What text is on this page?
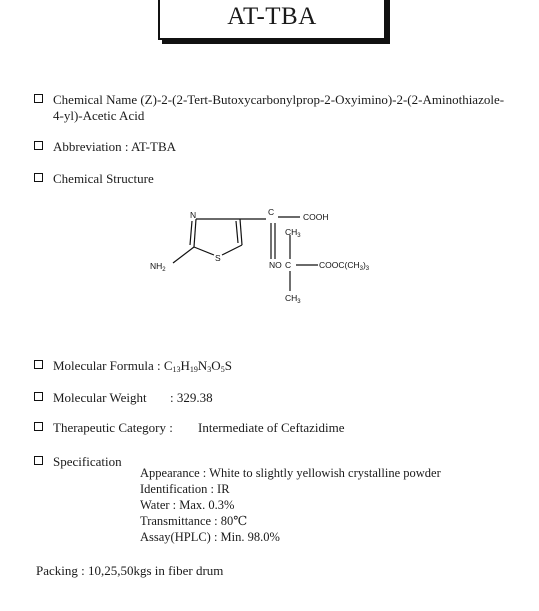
AT-TBA
Chemical Name (Z)-2-(2-Tert-Butoxycarbonylprop-2-Oxyimino)-2-(2-Aminothiazole-
4-yl)-Acetic Acid
Abbreviation : AT-TBA
Chemical Structure
N
S
$NH_2$
C	COOH
$CH_3$
NO C	$COOC(CH_3)_3$
$CH_3$
Molecular Formula : $C_{13}H_{19}N_3O_5S$
Molecular Weight : 329.38
Therapeutic Category : Intermediate of Ceftazidime
Specification
Appearance : White to slightly yellowish crystalline powder
Identification : IR
Water : Max. 0.3%
Transmittance : 80℃
Assay(HPLC) : Min. 98.0%
Packing : 10,25,50kgs in fiber drum
